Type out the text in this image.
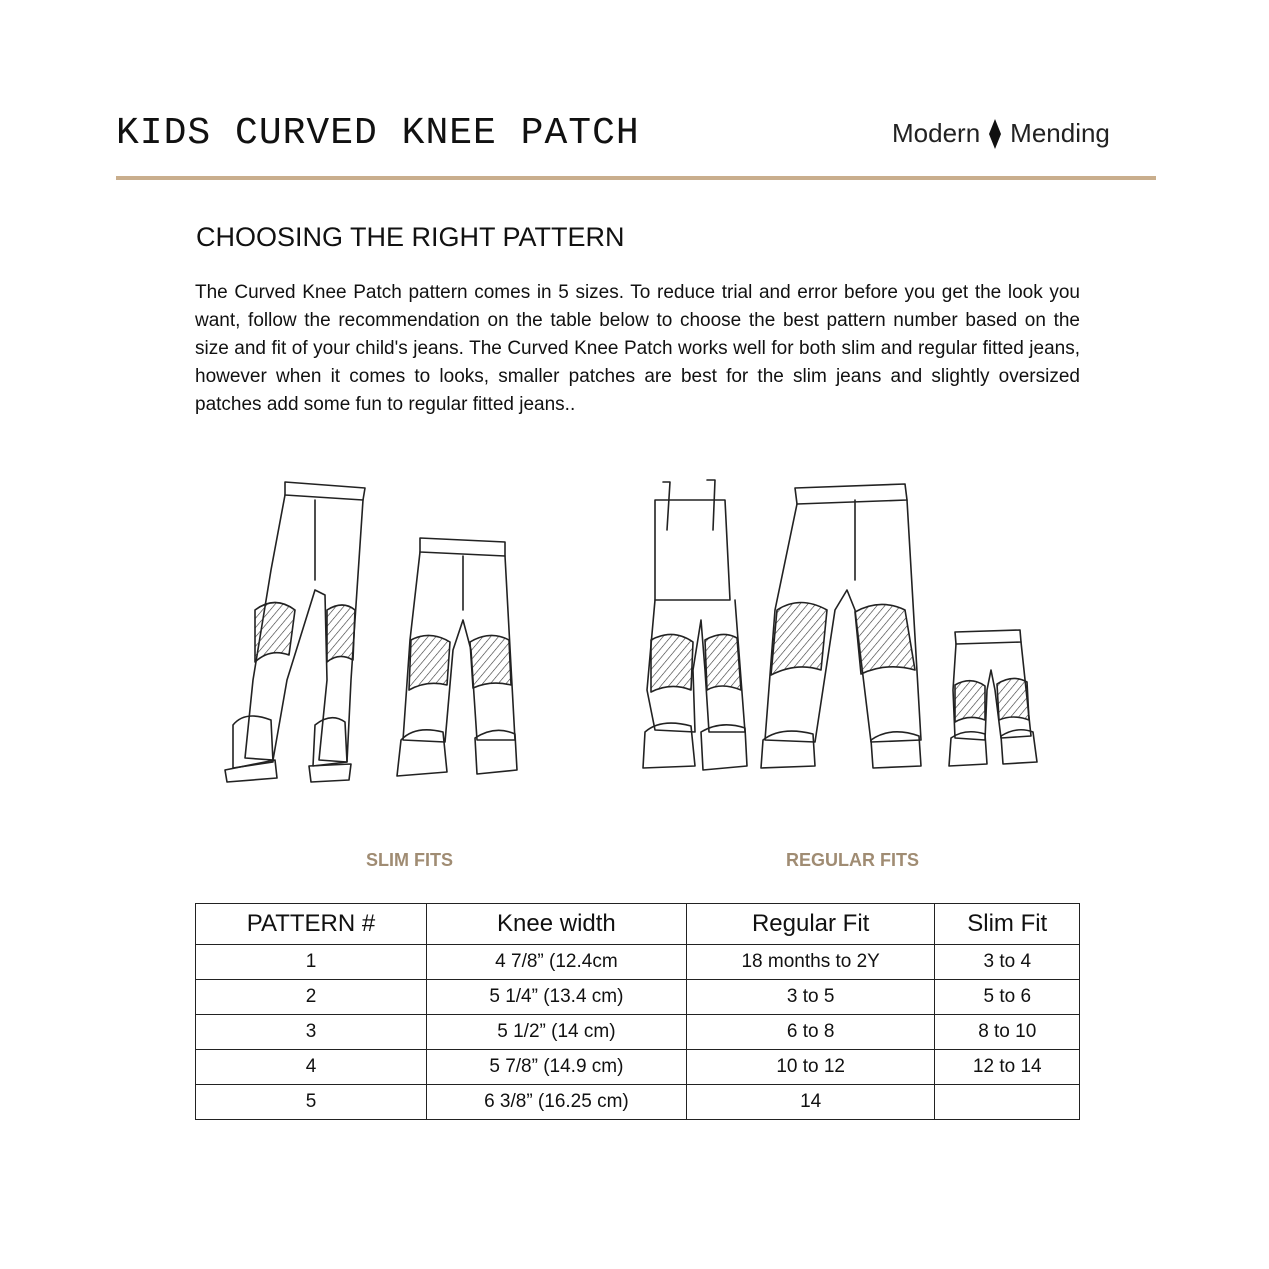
KIDS CURVED KNEE PATCH	Modern Mending
CHOOSING THE RIGHT PATTERN

The Curved Knee Patch pattern comes in 5 sizes. To reduce trial and error before you get the look you want, follow the recommendation on the table below to choose the best pattern number based on the size and fit of your child's jeans. The Curved Knee Patch works well for both slim and regular fitted jeans, however when it comes to looks, smaller patches are best for the slim jeans and slightly oversized patches add some fun to regular fitted jeans..

SLIM FITS	REGULAR FITS
PATTERN #	Knee width	Regular Fit	Slim Fit
1	4 7/8” (12.4cm	18 months to 2Y	3 to 4
2	5 1/4” (13.4 cm)	3 to 5	5 to 6
3	5 1/2” (14 cm)	6 to 8	8 to 10
4	5 7/8” (14.9 cm)	10 to 12	12 to 14
5	6 3/8” (16.25 cm)	14	
